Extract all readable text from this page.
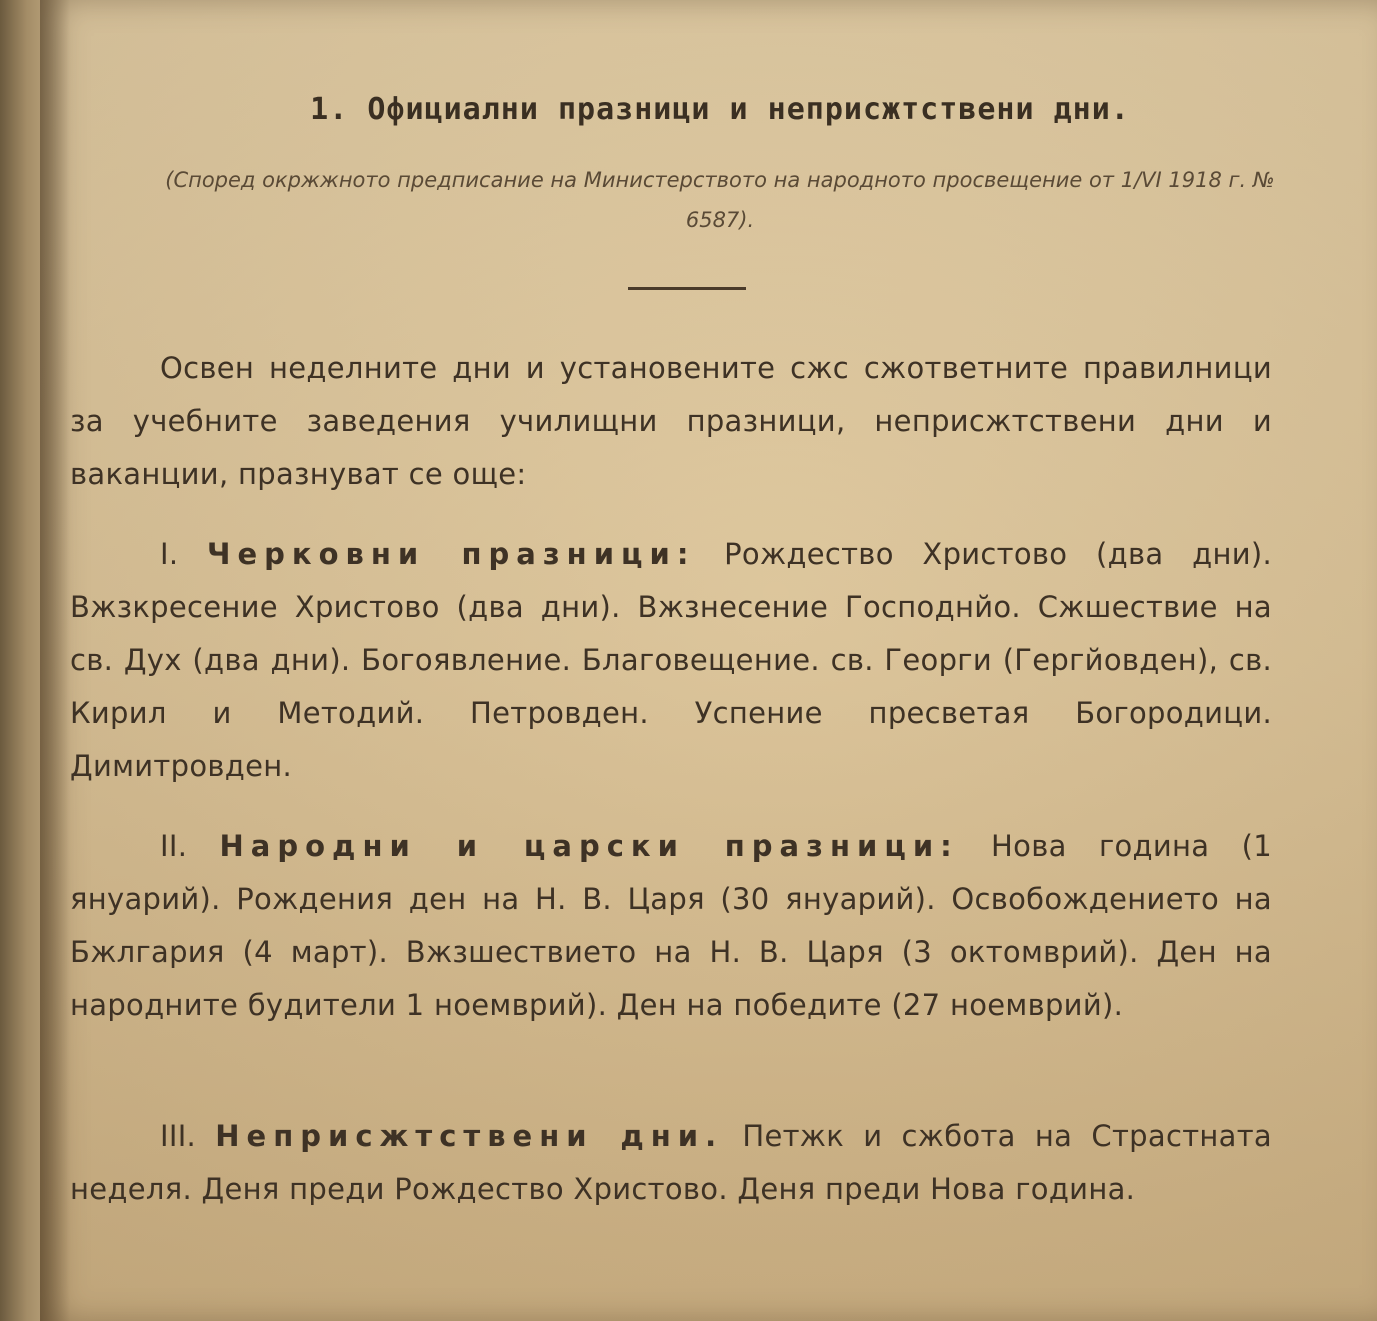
1. Официални празници и неприсжтствени дни.
(Според окржжното предписание на Министерството на народното просвещение от 1/VI 1918 г. № 6587).
Освен неделните дни и установените сжс сжответните правилници за учебните заведения училищни празници, неприсжтствени дни и ваканции, празнуват се още:
I. Черковни празници: Рождество Христово (два дни). Вжзкресение Христово (два дни). Вжзнесение Господнйо. Сжшествие на св. Дух (два дни). Богоявление. Благовещение. св. Георги (Гергйовден), св. Кирил и Методий. Петровден. Успение пресветая Богородици. Димитровден.
II. Народни и царски празници: Нова година (1 януарий). Рождения ден на Н. В. Царя (30 януарий). Освобождението на Бжлгария (4 март). Вжзшествието на Н. В. Царя (3 октомврий). Ден на народните будители 1 ноемврий). Ден на победите (27 ноемврий).
III. Неприсжтствени дни. Петжк и сжбота на Страстната неделя. Деня преди Рождество Христово. Деня преди Нова година.
